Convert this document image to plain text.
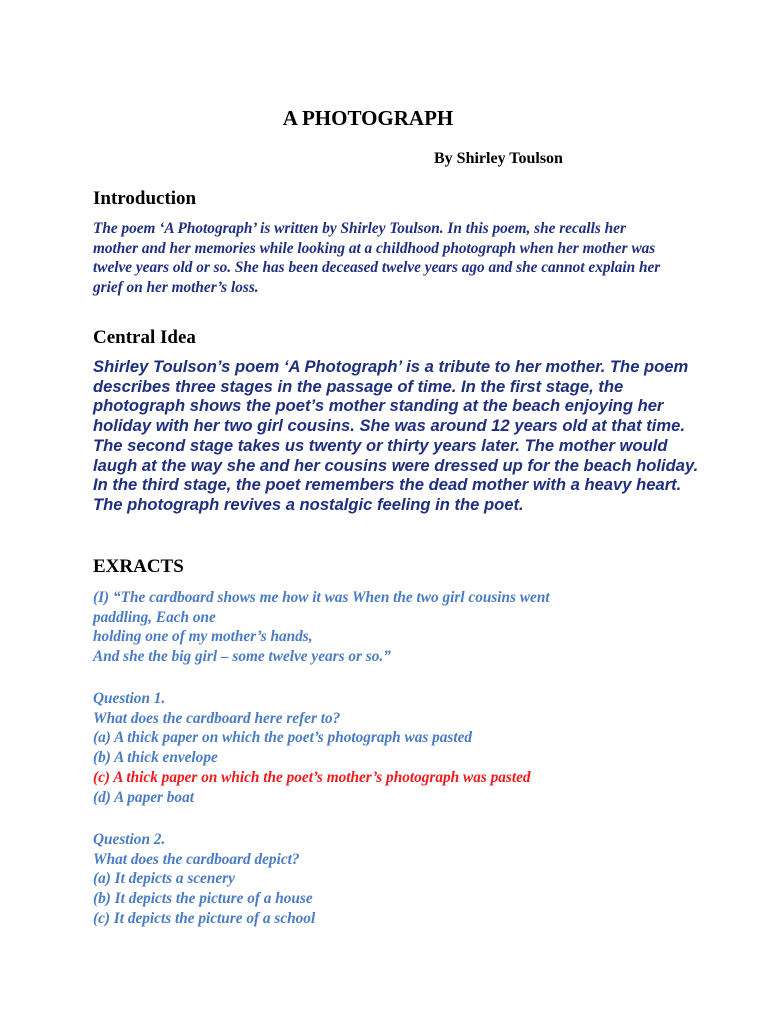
A PHOTOGRAPH

By Shirley Toulson

Introduction

The poem ‘A Photograph’ is written by Shirley Toulson. In this poem, she recalls her mother and her memories while looking at a childhood photograph when her mother was twelve years old or so. She has been deceased twelve years ago and she cannot explain her grief on her mother’s loss.

Central Idea

Shirley Toulson’s poem ‘A Photograph’ is a tribute to her mother. The poem describes three stages in the passage of time. In the first stage, the photograph shows the poet’s mother standing at the beach enjoying her holiday with her two girl cousins. She was around 12 years old at that time. The second stage takes us twenty or thirty years later. The mother would laugh at the way she and her cousins were dressed up for the beach holiday. In the third stage, the poet remembers the dead mother with a heavy heart. The photograph revives a nostalgic feeling in the poet.

EXRACTS
(I) “The cardboard shows me how it was When the two girl cousins went
paddling, Each one
holding one of my mother’s hands,
And she the big girl – some twelve years or so.”
Question 1.
What does the cardboard here refer to?
(a) A thick paper on which the poet’s photograph was pasted
(b) A thick envelope
(c) A thick paper on which the poet’s mother’s photograph was pasted
(d) A paper boat
Question 2.
What does the cardboard depict?
(a) It depicts a scenery
(b) It depicts the picture of a house
(c) It depicts the picture of a school
